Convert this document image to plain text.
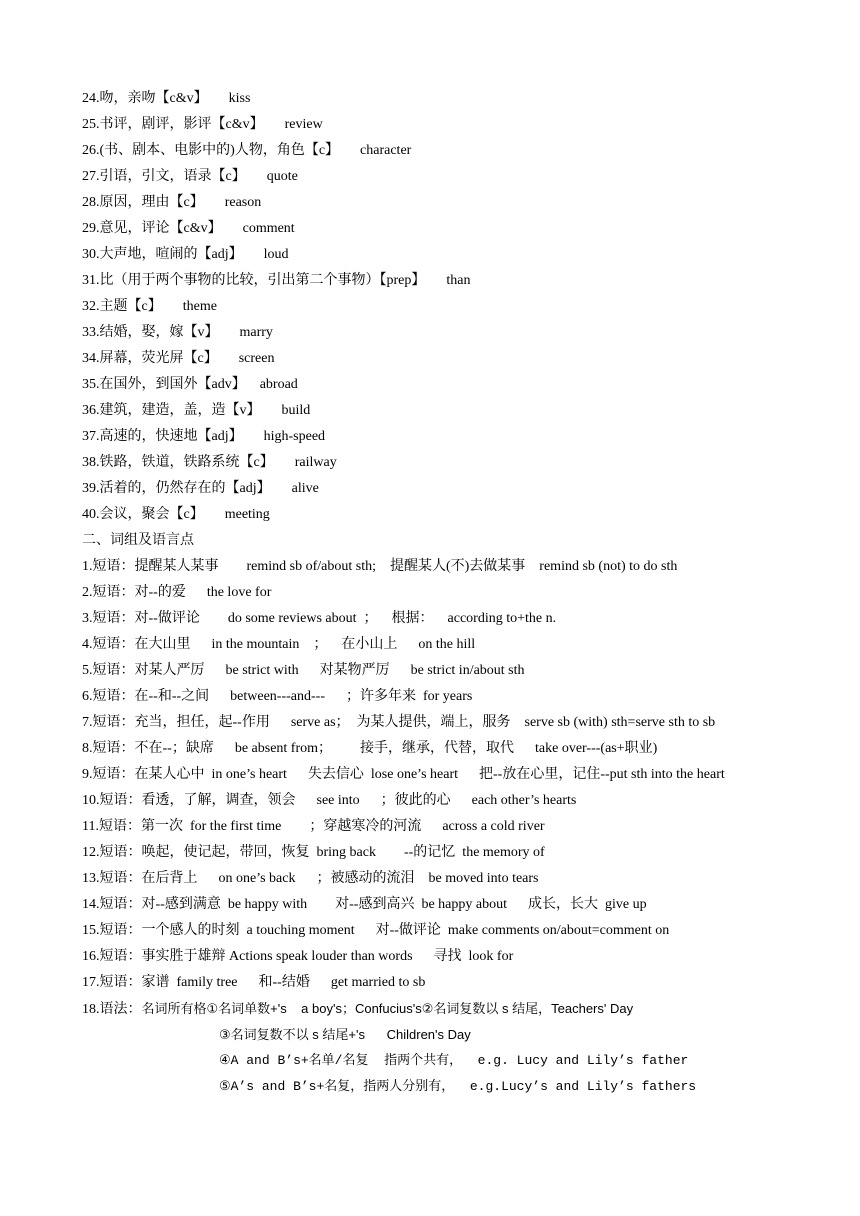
24.吻，亲吻【c&v】      kiss
25.书评，剧评，影评【c&v】      review
26.(书、剧本、电影中的)人物，角色【c】      character
27.引语，引文，语录【c】      quote
28.原因，理由【c】      reason
29.意见，评论【c&v】      comment
30.大声地，喧闹的【adj】      loud
31.比（用于两个事物的比较，引出第二个事物）【prep】      than
32.主题【c】      theme
33.结婚，娶，嫁【v】      marry
34.屏幕，荧光屏【c】      screen
35.在国外，到国外【adv】    abroad
36.建筑，建造，盖，造【v】      build
37.高速的，快速地【adj】      high-speed
38.铁路，铁道，铁路系统【c】      railway
39.活着的，仍然存在的【adj】      alive
40.会议，聚会【c】      meeting
二、词组及语言点
1.短语：提醒某人某事        remind sb of/about sth;    提醒某人(不)去做某事    remind sb (not) to do sth
2.短语：对--的爱      the love for
3.短语：对--做评论        do some reviews about  ；    根据：    according to+the n.
4.短语：在大山里      in the mountain    ；    在小山上      on the hill
5.短语：对某人严厉      be strict with      对某物严厉      be strict in/about sth
6.短语：在--和--之间      between---and---      ；许多年来  for years
7.短语：充当，担任，起--作用      serve as；  为某人提供，端上，服务    serve sb (with) sth=serve sth to sb
8.短语：不在--；缺席      be absent from；        接手，继承，代替，取代      take over---(as+职业)
9.短语：在某人心中  in one’s heart      失去信心  lose one’s heart      把--放在心里，记住--put sth into the heart
10.短语：看透，了解，调查，领会      see into      ；彼此的心      each other’s hearts
11.短语：第一次  for the first time        ；穿越寒冷的河流      across a cold river
12.短语：唤起，使记起，带回，恢复  bring back        --的记忆  the memory of
13.短语：在后背上      on one’s back      ；被感动的流泪    be moved into tears
14.短语：对--感到满意  be happy with        对--感到高兴  be happy about      成长，长大  give up
15.短语：一个感人的时刻  a touching moment      对--做评论  make comments on/about=comment on
16.短语：事实胜于雄辩 Actions speak louder than words      寻找  look for
17.短语：家谱  family tree      和--结婚      get married to sb
18.语法：名词所有格①名词单数+'s    a boy's；Confucius's②名词复数以 s 结尾，Teachers' Day
③名词复数不以 s 结尾+'s      Children's Day
④A and B’s+名单/名复  指两个共有，  e.g. Lucy and Lily’s father
⑤A’s and B’s+名复，指两人分别有，  e.g.Lucy’s and Lily’s fathers
